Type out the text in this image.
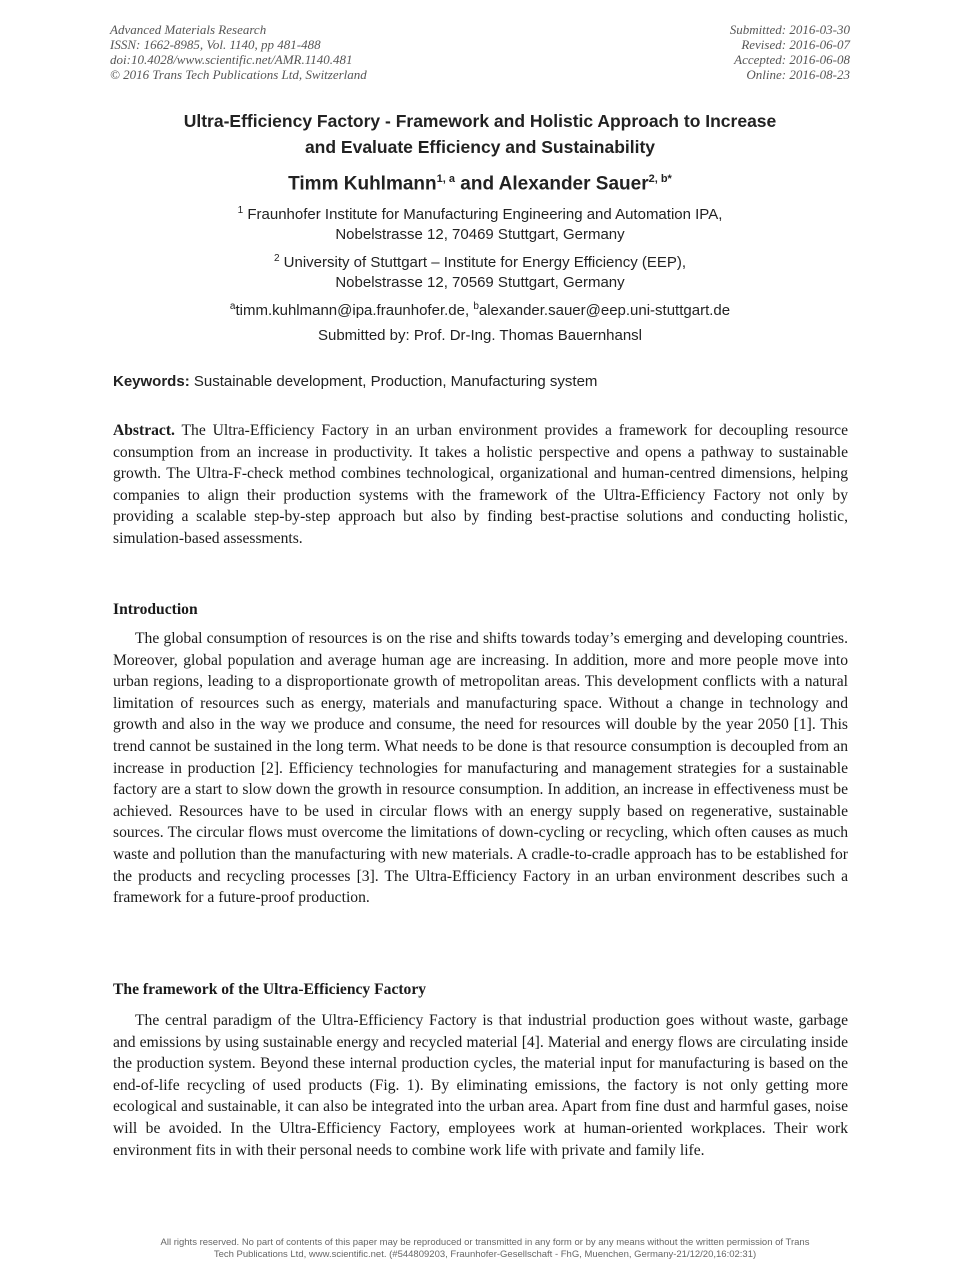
Advanced Materials Research
ISSN: 1662-8985, Vol. 1140, pp 481-488
doi:10.4028/www.scientific.net/AMR.1140.481
© 2016 Trans Tech Publications Ltd, Switzerland
Submitted: 2016-03-30
Revised: 2016-06-07
Accepted: 2016-06-08
Online: 2016-08-23
Ultra-Efficiency Factory - Framework and Holistic Approach to Increase
and Evaluate Efficiency and Sustainability
Timm Kuhlmann$^{1, a}$ and Alexander Sauer$^{2, b*}$
$^1$ Fraunhofer Institute for Manufacturing Engineering and Automation IPA,
Nobelstrasse 12, 70469 Stuttgart, Germany
$^2$ University of Stuttgart – Institute for Energy Efficiency (EEP),
Nobelstrasse 12, 70569 Stuttgart, Germany
$^a$timm.kuhlmann@ipa.fraunhofer.de, $^b$alexander.sauer@eep.uni-stuttgart.de
Submitted by: Prof. Dr-Ing. Thomas Bauernhansl
Keywords: Sustainable development, Production, Manufacturing system
Abstract. The Ultra-Efficiency Factory in an urban environment provides a framework for decoupling resource consumption from an increase in productivity. It takes a holistic perspective and opens a pathway to sustainable growth. The Ultra-F-check method combines technological, organizational and human-centred dimensions, helping companies to align their production systems with the framework of the Ultra-Efficiency Factory not only by providing a scalable step-by-step approach but also by finding best-practise solutions and conducting holistic, simulation-based assessments.
Introduction
The global consumption of resources is on the rise and shifts towards today’s emerging and developing countries. Moreover, global population and average human age are increasing. In addition, more and more people move into urban regions, leading to a disproportionate growth of metropolitan areas. This development conflicts with a natural limitation of resources such as energy, materials and manufacturing space. Without a change in technology and growth and also in the way we produce and consume, the need for resources will double by the year 2050 [1]. This trend cannot be sustained in the long term. What needs to be done is that resource consumption is decoupled from an increase in production [2]. Efficiency technologies for manufacturing and management strategies for a sustainable factory are a start to slow down the growth in resource consumption. In addition, an increase in effectiveness must be achieved. Resources have to be used in circular flows with an energy supply based on regenerative, sustainable sources. The circular flows must overcome the limitations of down-cycling or recycling, which often causes as much waste and pollution than the manufacturing with new materials. A cradle-to-cradle approach has to be established for the products and recycling processes [3]. The Ultra-Efficiency Factory in an urban environment describes such a framework for a future-proof production.
The framework of the Ultra-Efficiency Factory
The central paradigm of the Ultra-Efficiency Factory is that industrial production goes without waste, garbage and emissions by using sustainable energy and recycled material [4]. Material and energy flows are circulating inside the production system. Beyond these internal production cycles, the material input for manufacturing is based on the end-of-life recycling of used products (Fig. 1). By eliminating emissions, the factory is not only getting more ecological and sustainable, it can also be integrated into the urban area. Apart from fine dust and harmful gases, noise will be avoided. In the Ultra-Efficiency Factory, employees work at human-oriented workplaces. Their work environment fits in with their personal needs to combine work life with private and family life.
All rights reserved. No part of contents of this paper may be reproduced or transmitted in any form or by any means without the written permission of Trans
Tech Publications Ltd, www.scientific.net. (#544809203, Fraunhofer-Gesellschaft - FhG, Muenchen, Germany-21/12/20,16:02:31)
